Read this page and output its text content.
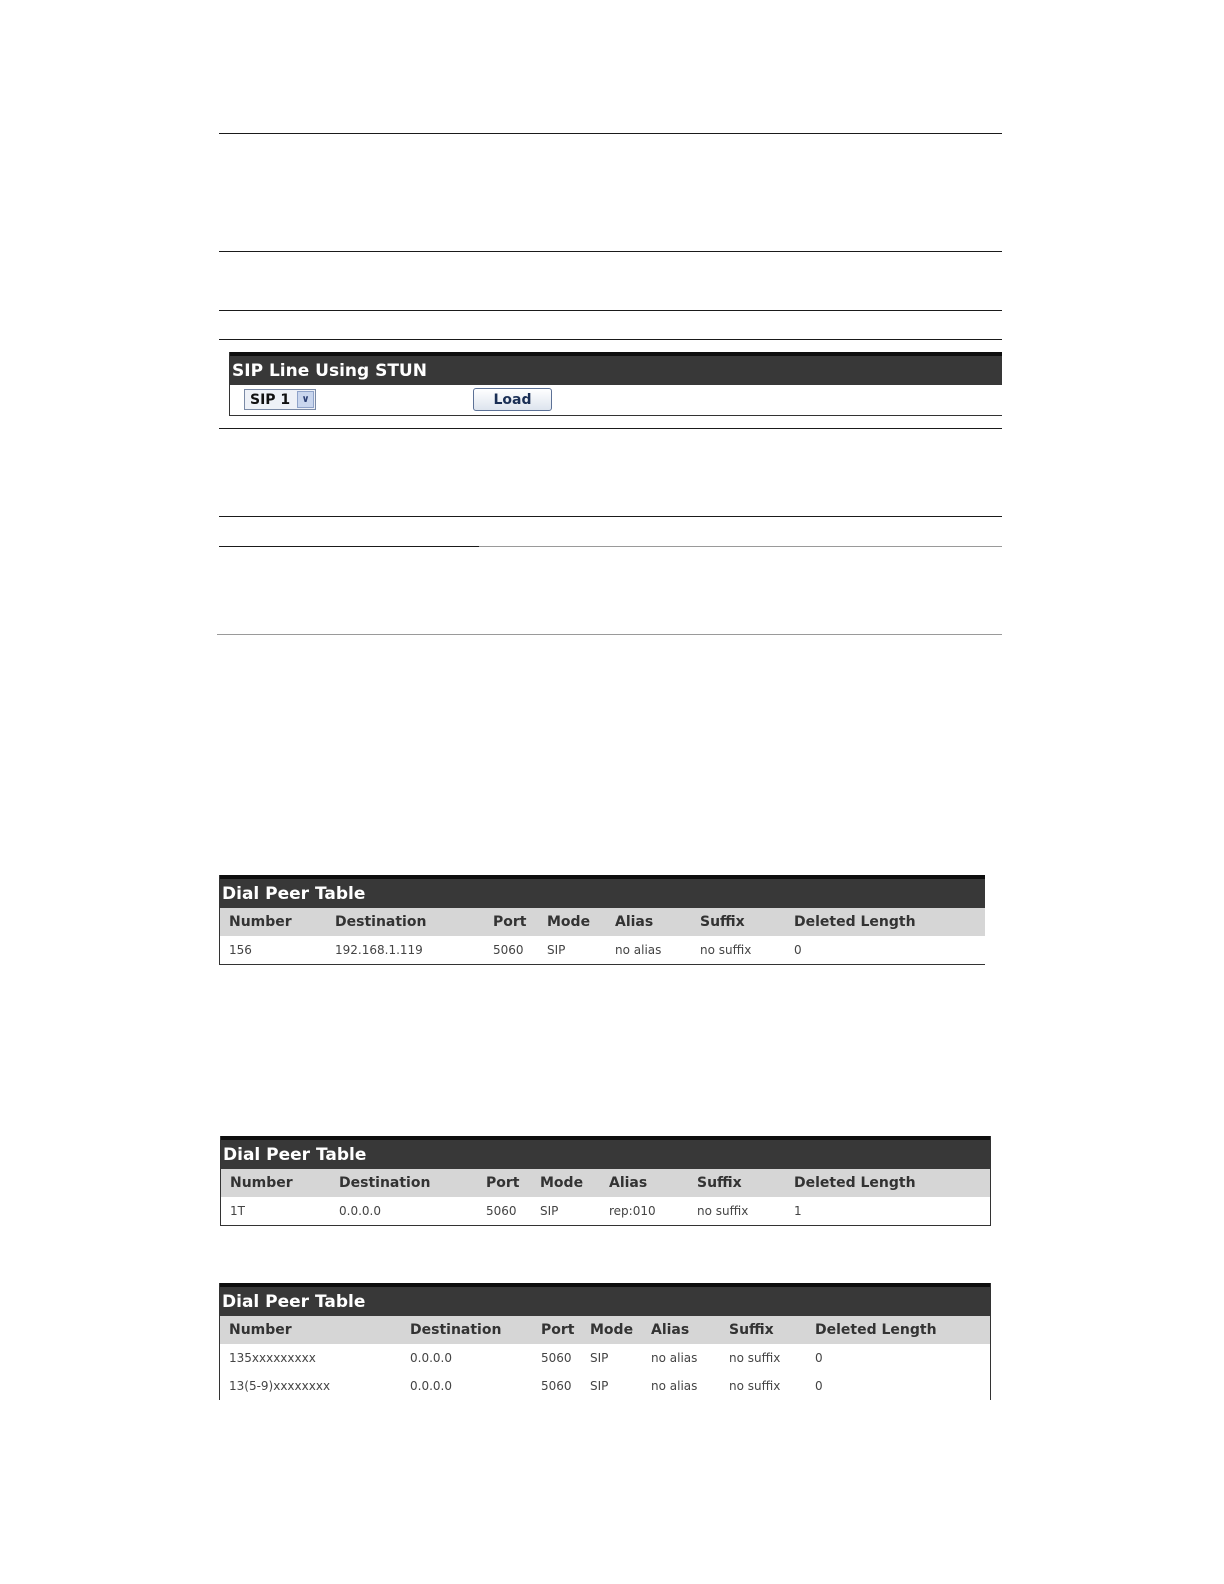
SIP Line Using STUN
SIP 1	∨	Load
Dial Peer Table
Number	Destination	Port Mode Alias	Suffix	Deleted Length
156	192.168.1.119	5060 SIP	no alias	no suffix	0
Dial Peer Table
Number	Destination	Port Mode Alias	Suffix	Deleted Length
1T	0.0.0.0	5060 SIP	rep:010	no suffix	1
Dial Peer Table
Number	Destination	Port Mode Alias	Suffix	Deleted Length
135xxxxxxxxx	0.0.0.0	5060 SIP	no alias	no suffix	0
13(5-9)xxxxxxxx	0.0.0.0	5060 SIP	no alias	no suffix	0
